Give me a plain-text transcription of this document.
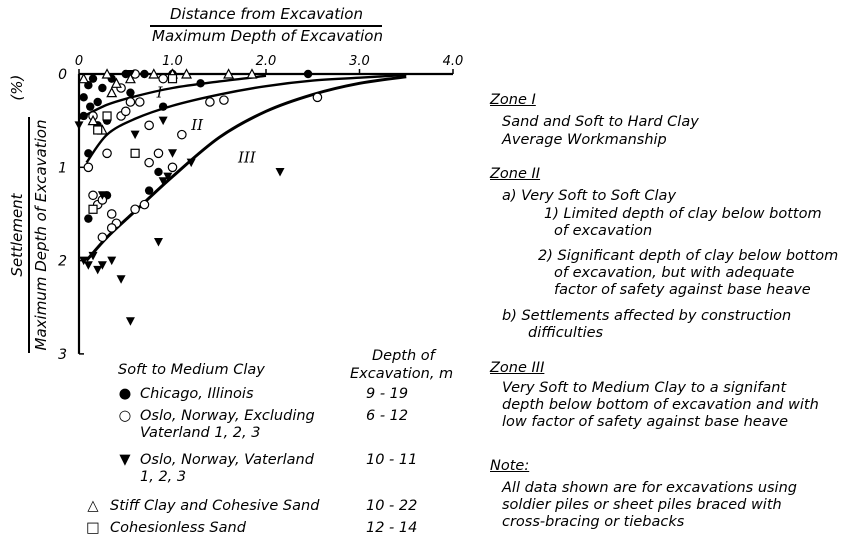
Distance from Excavation
Maximum Depth of Excavation
Settlement
(%)
Maximum Depth of Excavation
0	1.0	2.0	3.0	4.0
0
1
2
3
I
II
III
Soft to Medium Clay
Depth of
Excavation, m
● Chicago, Illinois	9 - 19
○ Oslo, Norway, Excluding
Vaterland 1, 2, 3
6 - 12
▼ Oslo, Norway, Vaterland
1, 2, 3
10 - 11
△ Stiff Clay and Cohesive Sand	10 - 22
□ Cohesionless Sand	12 - 14
Zone I
Sand and Soft to Hard Clay
Average Workmanship
Zone II
a) Very Soft to Soft Clay
1) Limited depth of clay below bottom
of excavation
2) Significant depth of clay below bottom
of excavation, but with adequate
factor of safety against base heave
b) Settlements affected by construction
difficulties
Zone III
Very Soft to Medium Clay to a signifant
depth below bottom of excavation and with
low factor of safety against base heave
Note:
All data shown are for excavations using
soldier piles or sheet piles braced with
cross-bracing or tiebacks
